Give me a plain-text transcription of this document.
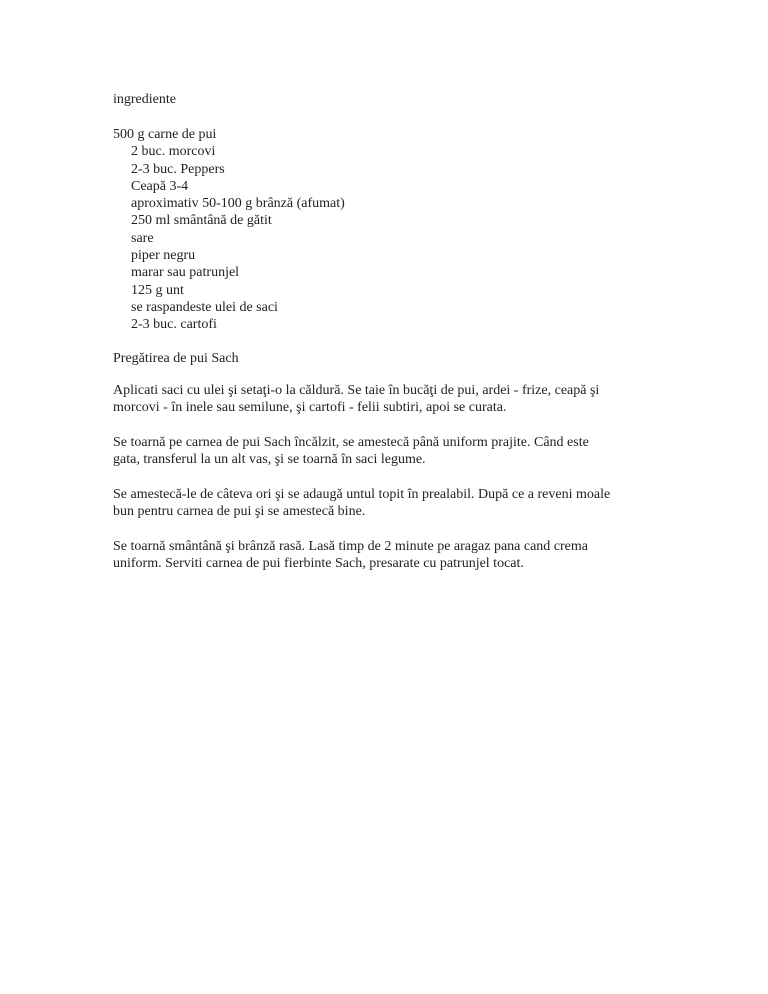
ingrediente

500 g carne de pui
2 buc. morcovi
2-3 buc. Peppers
Ceapă 3-4
aproximativ 50-100 g brânză (afumat)
250 ml smântână de gătit
sare
piper negru
marar sau patrunjel
125 g unt
se raspandeste ulei de saci
2-3 buc. cartofi

Pregătirea de pui Sach

Aplicati saci cu ulei şi setaţi-o la căldură. Se taie în bucăţi de pui, ardei - frize, ceapă şi
morcovi - în inele sau semilune, şi cartofi - felii subtiri, apoi se curata.

Se toarnă pe carnea de pui Sach încălzit, se amestecă până uniform prajite. Când este
gata, transferul la un alt vas, şi se toarnă în saci legume.

Se amestecă-le de câteva ori şi se adaugă untul topit în prealabil. După ce a reveni moale
bun pentru carnea de pui şi se amestecă bine.

Se toarnă smântână şi brânză rasă. Lasă timp de 2 minute pe aragaz pana cand crema
uniform. Serviti carnea de pui fierbinte Sach, presarate cu patrunjel tocat.
